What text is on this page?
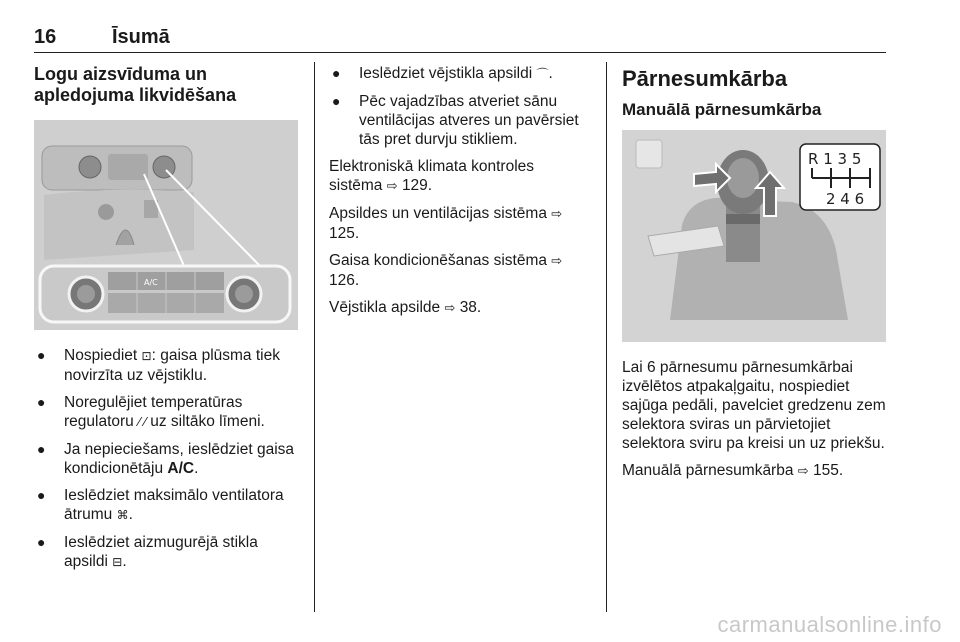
16	Īsumā
Logu aizsvīduma un apledojuma likvidēšana
A/C
● Nospiediet ⊡: gaisa plūsma tiek novirzīta uz vējstiklu.
● Noregulējiet temperatūras regulatoru ⁄ ⁄ uz siltāko līmeni.
● Ja nepieciešams, ieslēdziet gaisa kondicionētāju A/C.
● Ieslēdziet maksimālo ventilatora ātrumu ⌘.
● Ieslēdziet aizmugurējā stikla apsildi ⊟.
● Ieslēdziet vējstikla apsildi ⌒.
● Pēc vajadzības atveriet sānu ventilācijas atveres un pavērsiet tās pret durvju stikliem.

Elektroniskā klimata kontroles sistēma ⇨ 129.

Apsildes un ventilācijas sistēma ⇨ 125.

Gaisa kondicionēšanas sistēma ⇨ 126.

Vējstikla apsilde ⇨ 38.

Pārnesumkārba
Manuālā pārnesumkārba
R 1 3 5
2 4 6

Lai 6 pārnesumu pārnesumkārbai izvēlētos atpakaļgaitu, nospiediet sajūga pedāli, pavelciet gredzenu zem selektora sviras un pārvietojiet selektora sviru pa kreisi un uz priekšu.

Manuālā pārnesumkārba ⇨ 155.

carmanualsonline.info
